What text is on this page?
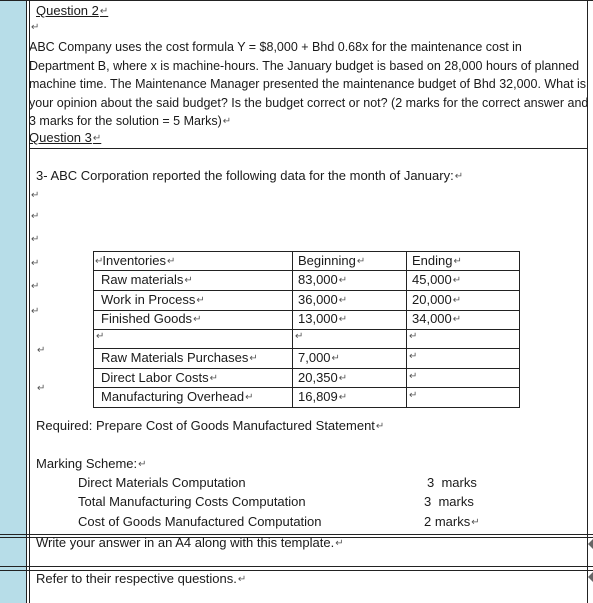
Question 2↵
↵
ABC Company uses the cost formula Y = $8,000 + Bhd 0.68x for the maintenance cost in Department B, where x is machine-hours. The January budget is based on 28,000 hours of planned machine time. The Maintenance Manager presented the maintenance budget of Bhd 32,000. What is your opinion about the said budget? Is the budget correct or not? (2 marks for the correct answer and 3 marks for the solution = 5 Marks)↵
Question 3↵
3- ABC Corporation reported the following data for the month of January:↵
↵
↵
↵
↵
↵
↵
↵
↵
↵Inventories↵	Beginning↵	Ending↵
Raw materials↵	83,000↵	45,000↵
Work in Process↵	36,000↵	20,000↵
Finished Goods↵	13,000↵	34,000↵
↵	↵	↵
Raw Materials Purchases↵	7,000↵	↵
Direct Labor Costs↵	20,350↵	↵
Manufacturing Overhead↵	16,809↵	↵
Required: Prepare Cost of Goods Manufactured Statement↵
Marking Scheme:↵
Direct Materials Computation	3  marks
Total Manufacturing Costs Computation	3  marks
Cost of Goods Manufactured Computation	2 marks↵
Write your answer in an A4 along with this template.↵
Refer to their respective questions.↵
